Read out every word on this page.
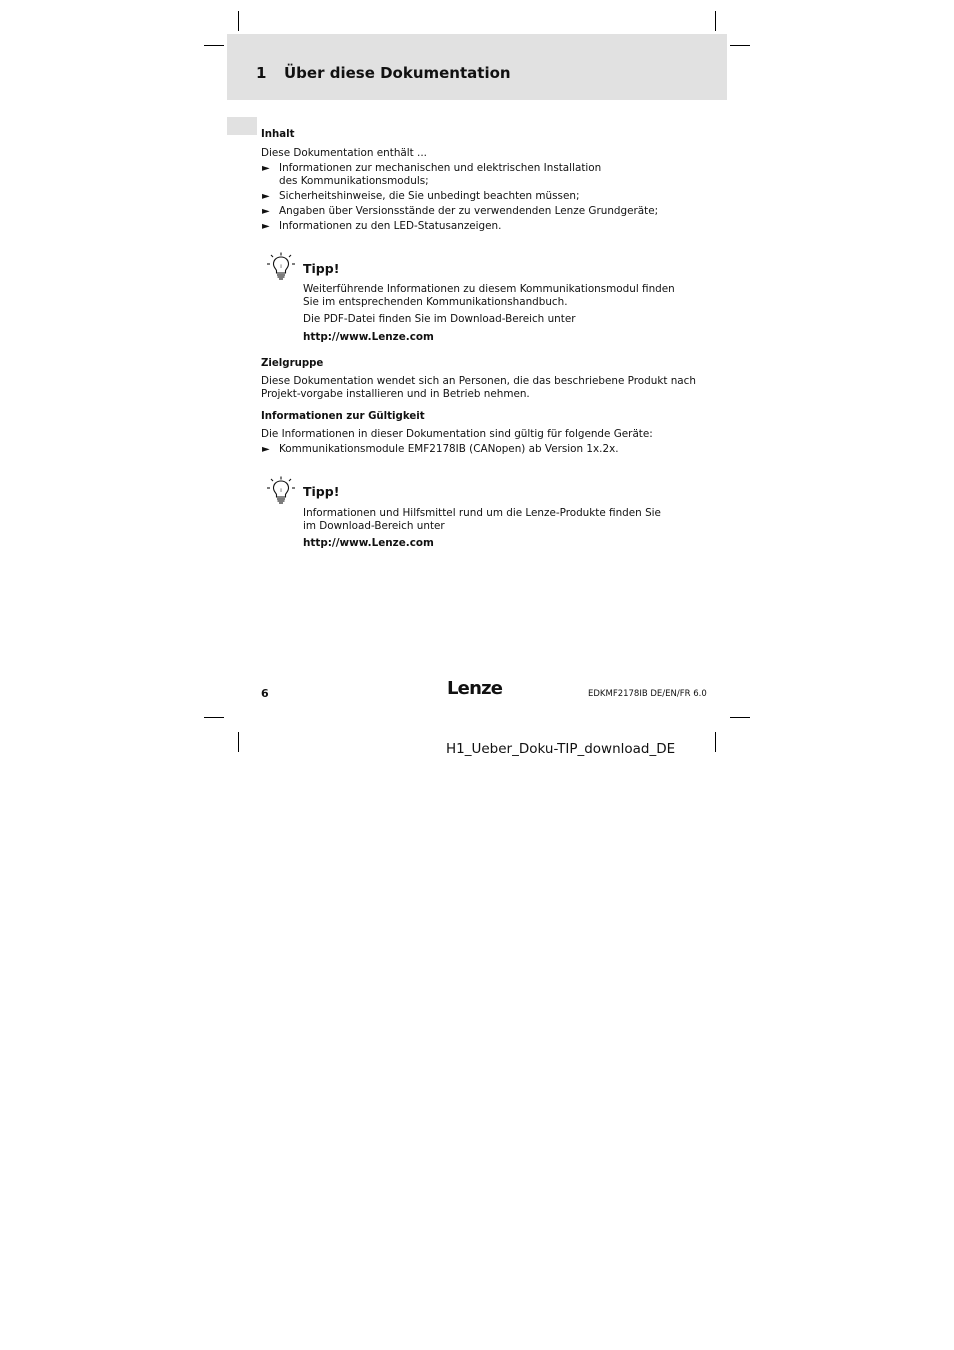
1 Über diese Dokumentation
Inhalt
Diese Dokumentation enthält ...
► Informationen zur mechanischen und elektrischen Installation des Kommunikationsmoduls;
► Sicherheitshinweise, die Sie unbedingt beachten müssen;
► Angaben über Versionsstände der zu verwendenden Lenze Grundgeräte;
► Informationen zu den LED-Statusanzeigen.
i Tipp!
Weiterführende Informationen zu diesem Kommunikationsmodul finden Sie im entsprechenden Kommunikationshandbuch.
Die PDF-Datei finden Sie im Download-Bereich unter
http://www.Lenze.com
Zielgruppe
Diese Dokumentation wendet sich an Personen, die das beschriebene Produkt nach Projekt-vorgabe installieren und in Betrieb nehmen.
Informationen zur Gültigkeit
Die Informationen in dieser Dokumentation sind gültig für folgende Geräte:
► Kommunikationsmodule EMF2178IB (CANopen) ab Version 1x.2x.
i Tipp!
Informationen und Hilfsmittel rund um die Lenze-Produkte finden Sie im Download-Bereich unter
http://www.Lenze.com
6	Lenze	EDKMF2178IB DE/EN/FR 6.0
H1_Ueber_Doku-TIP_download_DE
